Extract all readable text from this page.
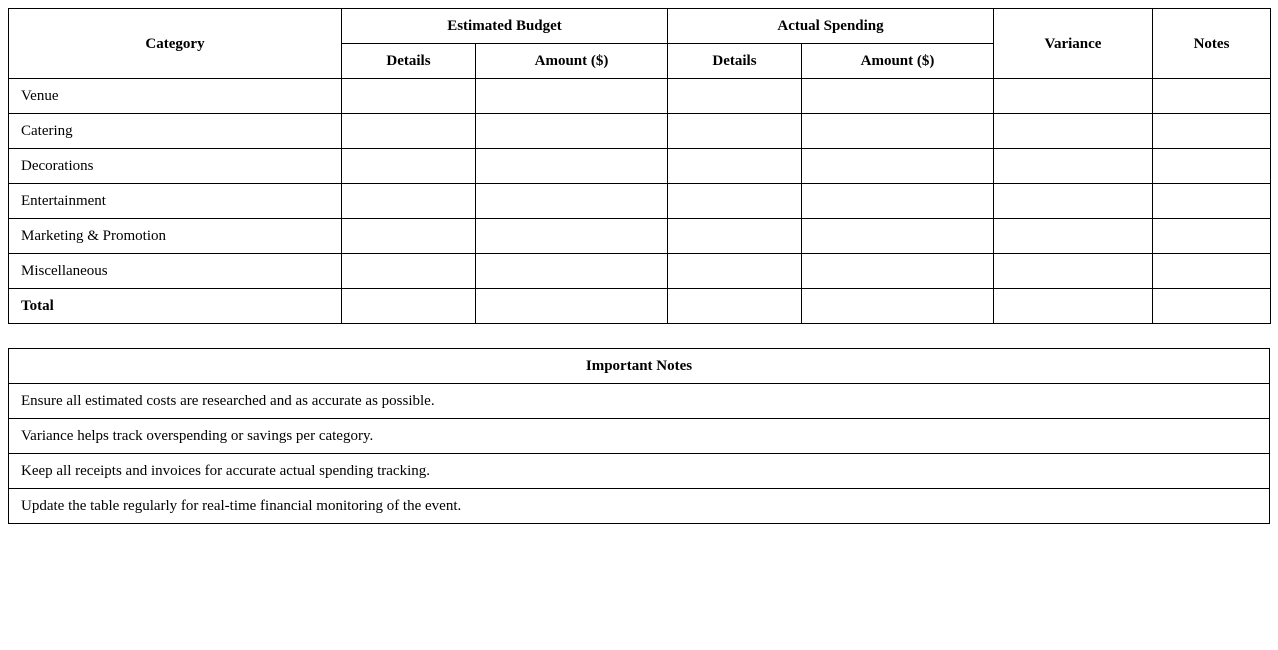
Category	Estimated Budget		Actual Spending		Variance	Notes
	Details	Amount ($)	Details	Amount ($)		
Venue						
Catering						
Decorations						
Entertainment						
Marketing & Promotion						
Miscellaneous						
Total						
Important Notes
Ensure all estimated costs are researched and as accurate as possible.
Variance helps track overspending or savings per category.
Keep all receipts and invoices for accurate actual spending tracking.
Update the table regularly for real-time financial monitoring of the event.
